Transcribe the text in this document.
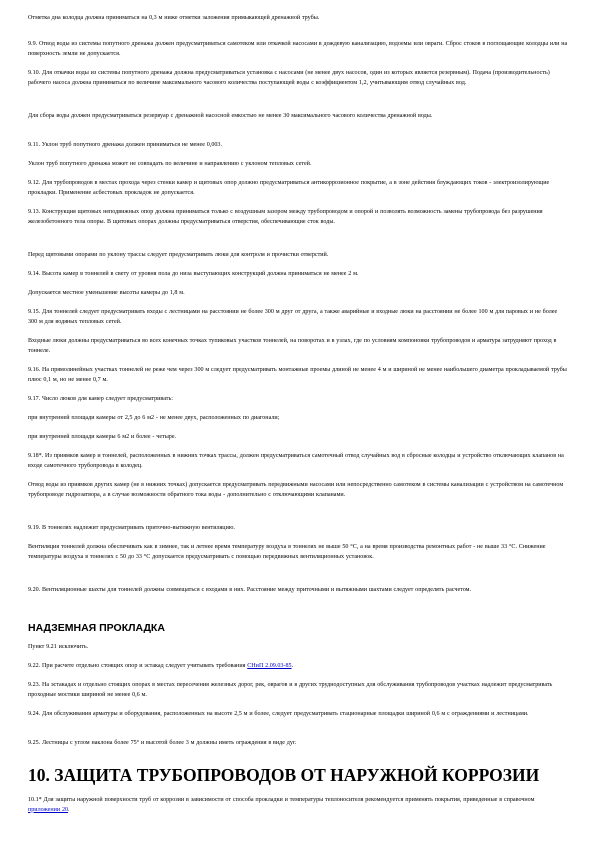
Отметка дна колодца должна приниматься на 0,3 м ниже отметки заложения примыкающей дренажной трубы.

9.9. Отвод воды из системы попутного дренажа должен предусматриваться самотеком или откачкой насосами в дождевую канализацию, водоемы или овраги. Сброс стоков в поглощающие колодцы или на поверхность земли не допускается.

9.10. Для откачки воды из системы попутного дренажа должна предусматриваться установка с насосами (не менее двух насосов, один из которых является резервным). Подача (производительность) рабочего насоса должна приниматься по величине максимального часового количества поступающей воды с коэффициентом 1,2, учитывающим отвод случайных вод.

Для сбора воды должен предусматриваться резервуар с дренажной насосной емкостью не менее 30 максимального часового количества дренажной воды.

9.11. Уклон труб попутного дренажа должен приниматься не менее 0,003.

Уклон труб попутного дренажа может не совпадать по величине и направлению с уклоном тепловых сетей.

9.12. Для трубопроводов в местах прохода через стенки камер и щитовых опор должно предусматриваться антикоррозионное покрытие, а в зоне действия блуждающих токов - электроизолирующие прокладки. Применение асбестовых прокладок не допускается.

9.13. Конструкция щитовых неподвижных опор должна приниматься только с воздушным зазором между трубопроводом и опорой и позволять возможность замены трубопровода без разрушения железобетонного тела опоры. В щитовых опорах должны предусматриваться отверстия, обеспечивающие сток воды.

Перед щитовыми опорами по уклону трассы следует предусматривать люки для контроля и прочистки отверстий.

9.14. Высота камер в тоннелей в свету от уровня пола до низа выступающих конструкций должна приниматься не менее 2 м.

Допускается местное уменьшение высоты камеры до 1,8 м.

9.15. Для тоннелей следует предусматривать входы с лестницами на расстоянии не более 300 м друг от друга, а также аварийные и входные люки на расстоянии не более 100 м для паровых и не более 300 м для водяных тепловых сетей.

Входные люки должны предусматриваться во всех конечных точках тупиковых участков тоннелей, на поворотах и в узлах, где по условиям компоновки трубопроводов и арматура затрудняют проход в тоннеле.

9.16. На прямолинейных участках тоннелей не реже чем через 300 м следует предусматривать монтажные проемы длиной не менее 4 м и шириной не менее наибольшего диаметра прокладываемой трубы плюс 0,1 м, но не менее 0,7 м.

9.17. Число люков для камер следует предусматривать:

при внутренней площади камеры от 2,5 до 6 м2 - не менее двух, расположенных по диагонали;

при внутренней площади камеры 6 м2 и более - четыре.

9.18*. Из приямков камер и тоннелей, расположенных в нижних точках трассы, должен предусматриваться самотечный отвод случайных вод в сбросные колодцы и устройство отключающих клапанов на входе самотечного трубопровода в колодец.

Отвод воды из приямков других камер (не в нижних точках) допускается предусматривать передвижными насосами или непосредственно самотеком в системы канализации с устройством на самотечном трубопроводе гидрозатвора, а в случае возможности обратного тока воды - дополнительно с отключающими клапанами.

9.19. В тоннелях надлежит предусматривать приточно-вытяжную вентиляцию.

Вентиляция тоннелей должна обеспечивать как в зимнее, так и летнее время температуру воздуха в тоннелях не выше 50 °С, а на время производства ремонтных работ - не выше 33 °С. Снижение температуры воздуха в тоннелях с 50 до 33 °С допускается предусматривать с помощью передвижных вентиляционных установок.

9.20. Вентиляционные шахты для тоннелей должны совмещаться с входами в них. Расстояние между приточными и вытяжными шахтами следует определять расчетом.

НАДЗЕМНАЯ ПРОКЛАДКА

Пункт 9.21 исключить.

9.22. При расчете отдельно стоящих опор и эстакад следует учитывать требования СНиП 2.09.03-85.

9.23. На эстакадах и отдельно стоящих опорах в местах пересечения железных дорог, рек, оврагов и в других труднодоступных для обслуживания трубопроводов участках надлежит предусматривать проходные мостики шириной не менее 0,6 м.

9.24. Для обслуживания арматуры и оборудования, расположенных на высоте 2,5 м и более, следует предусматривать стационарные площадки шириной 0,6 м с ограждениями и лестницами.

9.25. Лестницы с углом наклона более 75° и высотой более 3 м должны иметь ограждения в виде дуг.

10. ЗАЩИТА ТРУБОПРОВОДОВ ОТ НАРУЖНОЙ КОРРОЗИИ

10.1* Для защиты наружной поверхности труб от коррозии в зависимости от способа прокладки и температуры теплоносителя рекомендуется применять покрытия, приведенные в справочном приложении 20.
